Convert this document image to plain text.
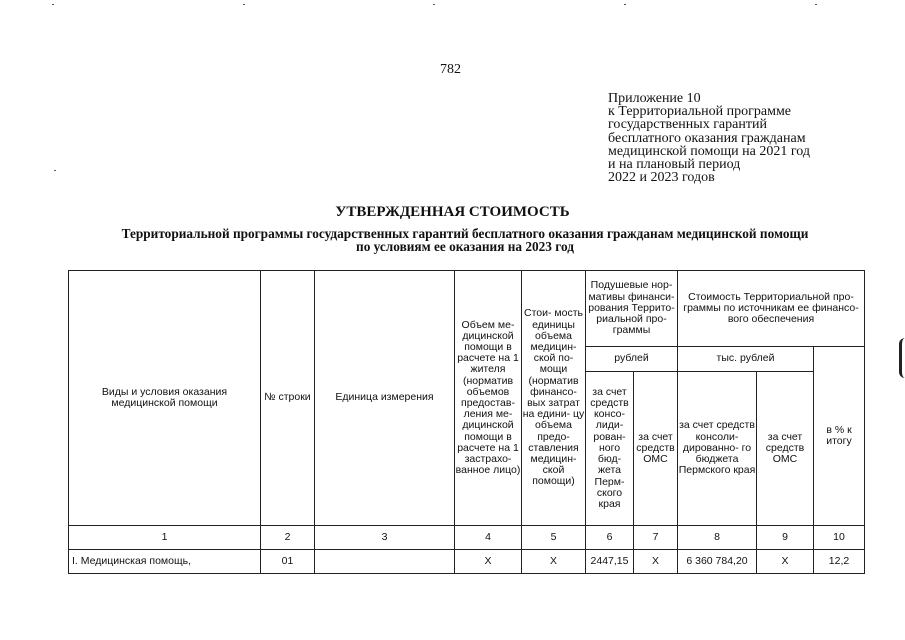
782
Приложение 10
к Территориальной программе
государственных гарантий
бесплатного оказания гражданам
медицинской помощи на 2021 год
и на плановый период
2022 и 2023 годов
УТВЕРЖДЕННАЯ СТОИМОСТЬ
Территориальной программы государственных гарантий бесплатного оказания гражданам медицинской помощи
по условиям ее оказания на 2023 год
Виды и условия оказания медицинской помощи	№ строки	Единица измерения	Объем ме- дицинской помощи в расчете на 1 жителя (норматив объемов предостав- ления ме- дицинской помощи в расчете на 1 застрахо- ванное лицо)	Стои- мость единицы объема медицин- ской по- мощи (норматив финансо- вых затрат на едини- цу объема предо- ставления медицин- ской помощи)	Подушевые нор- мативы финанси- рования Террито- риальной про- граммы		Стоимость Территориальной про- граммы по источникам ее финансо- вого обеспечения		
					рублей		тыс. рублей		в % к итогу
					за счет средств консо- лиди- рован- ного бюд- жета Перм- ского края	за счет средств ОМС	за счет средств консоли- дированно- го бюджета Пермского края	за счет средств ОМС	
1	2	3	4	5	6	7	8	9	10
I. Медицинская помощь,	01		X	X	2447,15	X	6 360 784,20	X	12,2
